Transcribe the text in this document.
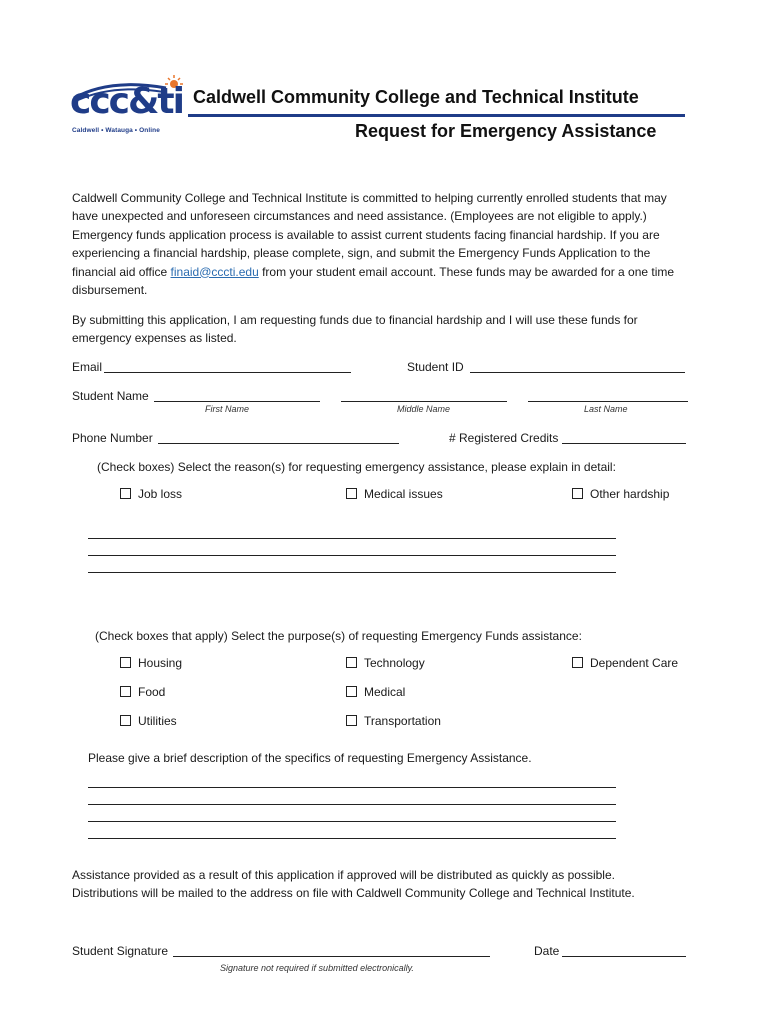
ccc&ti
Caldwell • Watauga • Online
Caldwell Community College and Technical Institute
Request for Emergency Assistance
Caldwell Community College and Technical Institute is committed to helping currently enrolled students that may have unexpected and unforeseen circumstances and need assistance. (Employees are not eligible to apply.) Emergency funds application process is available to assist current students facing financial hardship. If you are experiencing a financial hardship, please complete, sign, and submit the Emergency Funds Application to the financial aid office finaid@cccti.edu from your student email account. These funds may be awarded for a one time disbursement.
By submitting this application, I am requesting funds due to financial hardship and I will use these funds for emergency expenses as listed.
Email	Student ID
Student Name
First Name	Middle Name	Last Name
Phone Number	# Registered Credits
(Check boxes) Select the reason(s) for requesting emergency assistance, please explain in detail:
Job loss	Medical issues	Other hardship
(Check boxes that apply) Select the purpose(s) of requesting Emergency Funds assistance:
Housing	Technology	Dependent Care
Food	Medical
Utilities	Transportation
Please give a brief description of the specifics of requesting Emergency Assistance.
Assistance provided as a result of this application if approved will be distributed as quickly as possible.
Distributions will be mailed to the address on file with Caldwell Community College and Technical Institute.
Student Signature	Date
Signature not required if submitted electronically.
